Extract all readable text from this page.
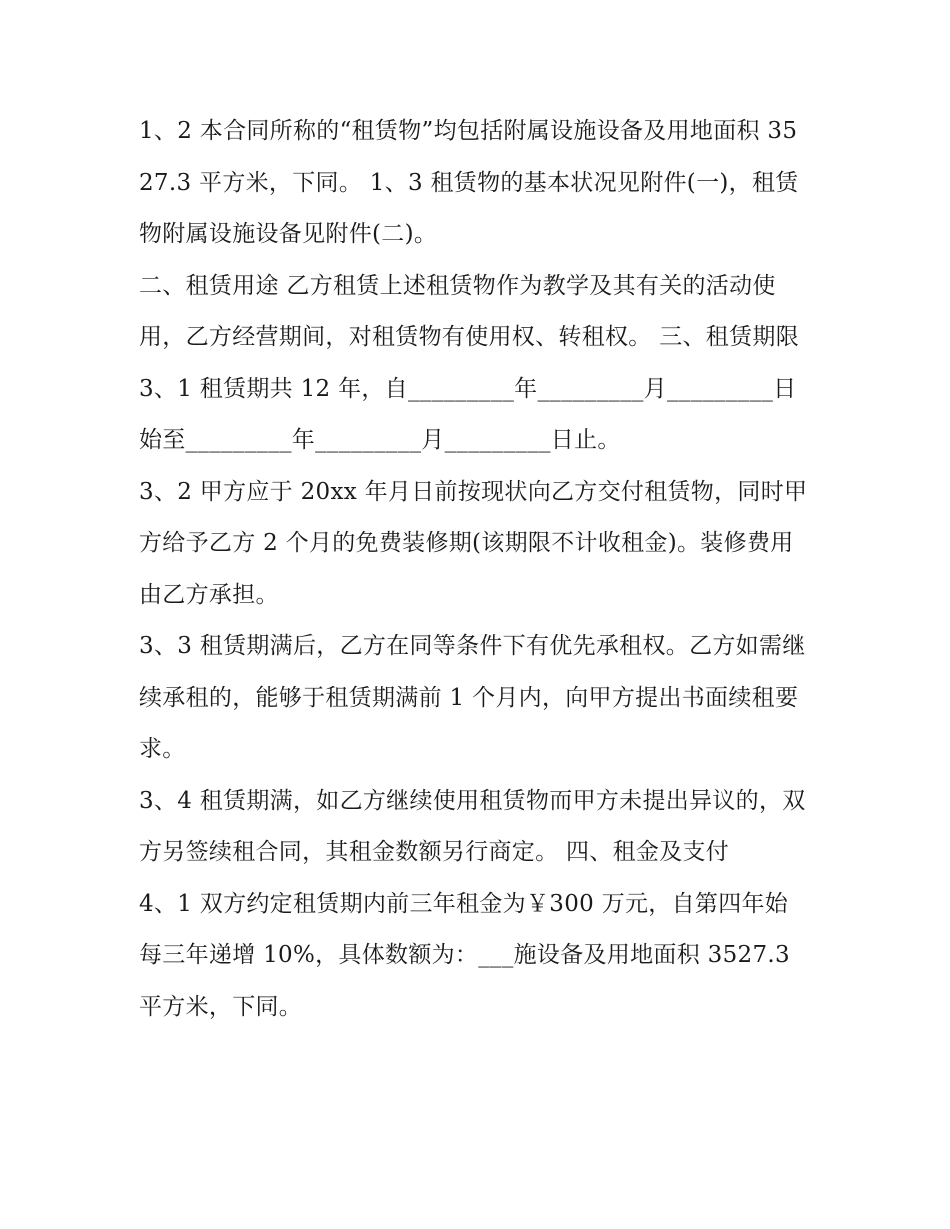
1、2 本合同所称的“租赁物”均包括附属设施设备及用地面积 3527.3 平方米，下同。 1、3 租赁物的基本状况见附件(一)，租赁物附属设施设备见附件(二)。

二、租赁用途 乙方租赁上述租赁物作为教学及其有关的活动使用，乙方经营期间，对租赁物有使用权、转租权。 三、租赁期限

3、1 租赁期共 12 年，自_________年_________月_________日始至_________年_________月_________日止。

3、2 甲方应于 20xx 年月日前按现状向乙方交付租赁物，同时甲方给予乙方 2 个月的免费装修期(该期限不计收租金)。装修费用由乙方承担。

3、3 租赁期满后，乙方在同等条件下有优先承租权。乙方如需继续承租的，能够于租赁期满前 1 个月内，向甲方提出书面续租要求。

3、4 租赁期满，如乙方继续使用租赁物而甲方未提出异议的，双方另签续租合同，其租金数额另行商定。 四、租金及支付

4、1 双方约定租赁期内前三年租金为￥300 万元，自第四年始每三年递增 10%，具体数额为：___施设备及用地面积 3527.3 平方米，下同。
